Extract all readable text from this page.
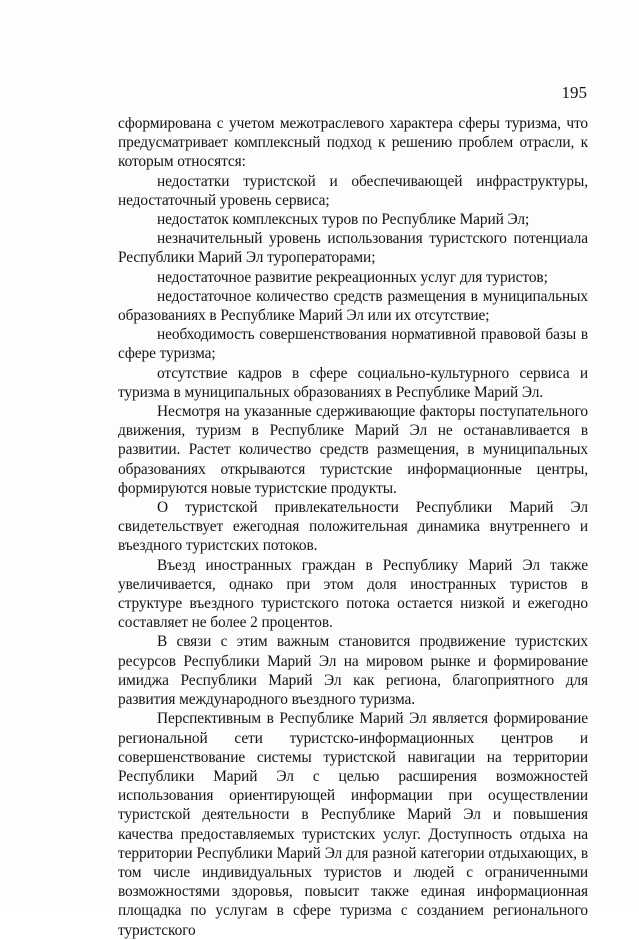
195

сформирована с учетом межотраслевого характера сферы туризма, что предусматривает комплексный подход к решению проблем отрасли, к которым относятся:

недостатки туристской и обеспечивающей инфраструктуры, недостаточный уровень сервиса;

недостаток комплексных туров по Республике Марий Эл;

незначительный уровень использования туристского потенциала Республики Марий Эл туроператорами;

недостаточное развитие рекреационных услуг для туристов;

недостаточное количество средств размещения в муниципальных образованиях в Республике Марий Эл или их отсутствие;

необходимость совершенствования нормативной правовой базы в сфере туризма;

отсутствие кадров в сфере социально-культурного сервиса и туризма в муниципальных образованиях в Республике Марий Эл.

Несмотря на указанные сдерживающие факторы поступательного движения, туризм в Республике Марий Эл не останавливается в развитии. Растет количество средств размещения, в муниципальных образованиях открываются туристские информационные центры, формируются новые туристские продукты.

О туристской привлекательности Республики Марий Эл свидетельствует ежегодная положительная динамика внутреннего и въездного туристских потоков.

Въезд иностранных граждан в Республику Марий Эл также увеличивается, однако при этом доля иностранных туристов в структуре въездного туристского потока остается низкой и ежегодно составляет не более 2 процентов.

В связи с этим важным становится продвижение туристских ресурсов Республики Марий Эл на мировом рынке и формирование имиджа Республики Марий Эл как региона, благоприятного для развития международного въездного туризма.

Перспективным в Республике Марий Эл является формирование региональной сети туристско-информационных центров и совершенствование системы туристской навигации на территории Республики Марий Эл с целью расширения возможностей использования ориентирующей информации при осуществлении туристской деятельности в Республике Марий Эл и повышения качества предоставляемых туристских услуг. Доступность отдыха на территории Республики Марий Эл для разной категории отдыхающих, в том числе индивидуальных туристов и людей с ограниченными возможностями здоровья, повысит также единая информационная площадка по услугам в сфере туризма с созданием регионального туристского
